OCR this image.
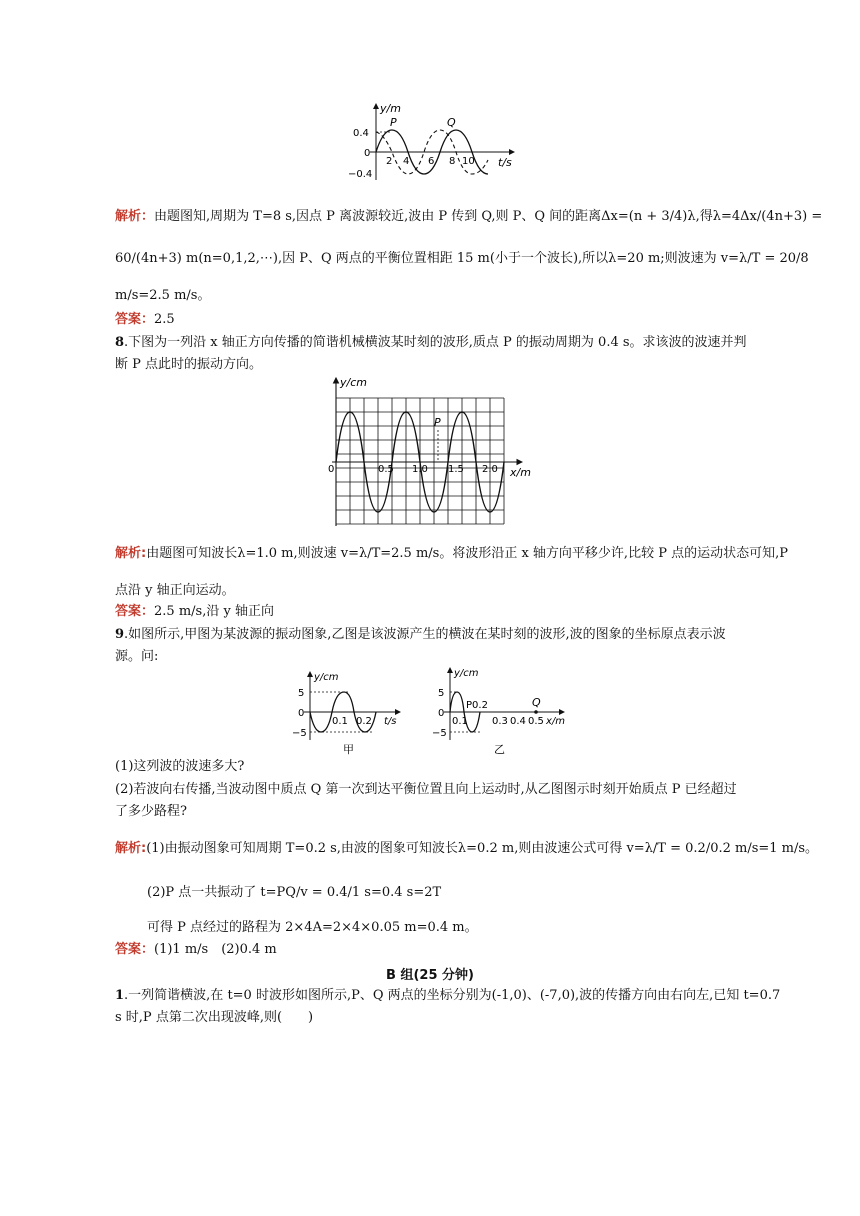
y/m
t/s
0.4
0
−0.4
2 4 6 8 10
P	Q
解析：由题图知,周期为 T=8 s,因点 P 离波源较近,波由 P 传到 Q,则 P、Q 间的距离Δx=(n + 3/4)λ,得λ=4Δx/(4n+3) =
60/(4n+3) m(n=0,1,2,⋯),因 P、Q 两点的平衡位置相距 15 m(小于一个波长),所以λ=20 m;则波速为 v=λ/T = 20/8
m/s=2.5 m/s。
答案：2.5
8.下图为一列沿 x 轴正方向传播的简谐机械横波某时刻的波形,质点 P 的振动周期为 0.4 s。求该波的波速并判
断 P 点此时的振动方向。
y/cm
x/m
0	0.5 1.0 1.5 2.0
P
解析:由题图可知波长λ=1.0 m,则波速 v=λ/T=2.5 m/s。将波形沿正 x 轴方向平移少许,比较 P 点的运动状态可知,P
点沿 y 轴正向运动。
答案：2.5 m/s,沿 y 轴正向
9.如图所示,甲图为某波源的振动图象,乙图是该波源产生的横波在某时刻的波形,波的图象的坐标原点表示波
源。问:
y/cm
t/s
5
0
−5
0.1 0.2
甲
y/cm
x/m
5
0
−5
0.1
P0.2
0.3 0.4 0.5
Q
乙
(1)这列波的波速多大?
(2)若波向右传播,当波动图中质点 Q 第一次到达平衡位置且向上运动时,从乙图图示时刻开始质点 P 已经超过
了多少路程?
解析:(1)由振动图象可知周期 T=0.2 s,由波的图象可知波长λ=0.2 m,则由波速公式可得 v=λ/T = 0.2/0.2 m/s=1 m/s。
(2)P 点一共振动了 t=PQ/v = 0.4/1 s=0.4 s=2T
可得 P 点经过的路程为 2×4A=2×4×0.05 m=0.4 m。
答案：(1)1 m/s　(2)0.4 m
B 组(25 分钟)
1.一列简谐横波,在 t=0 时波形如图所示,P、Q 两点的坐标分别为(-1,0)、(-7,0),波的传播方向由右向左,已知 t=0.7
s 时,P 点第二次出现波峰,则(　　)
